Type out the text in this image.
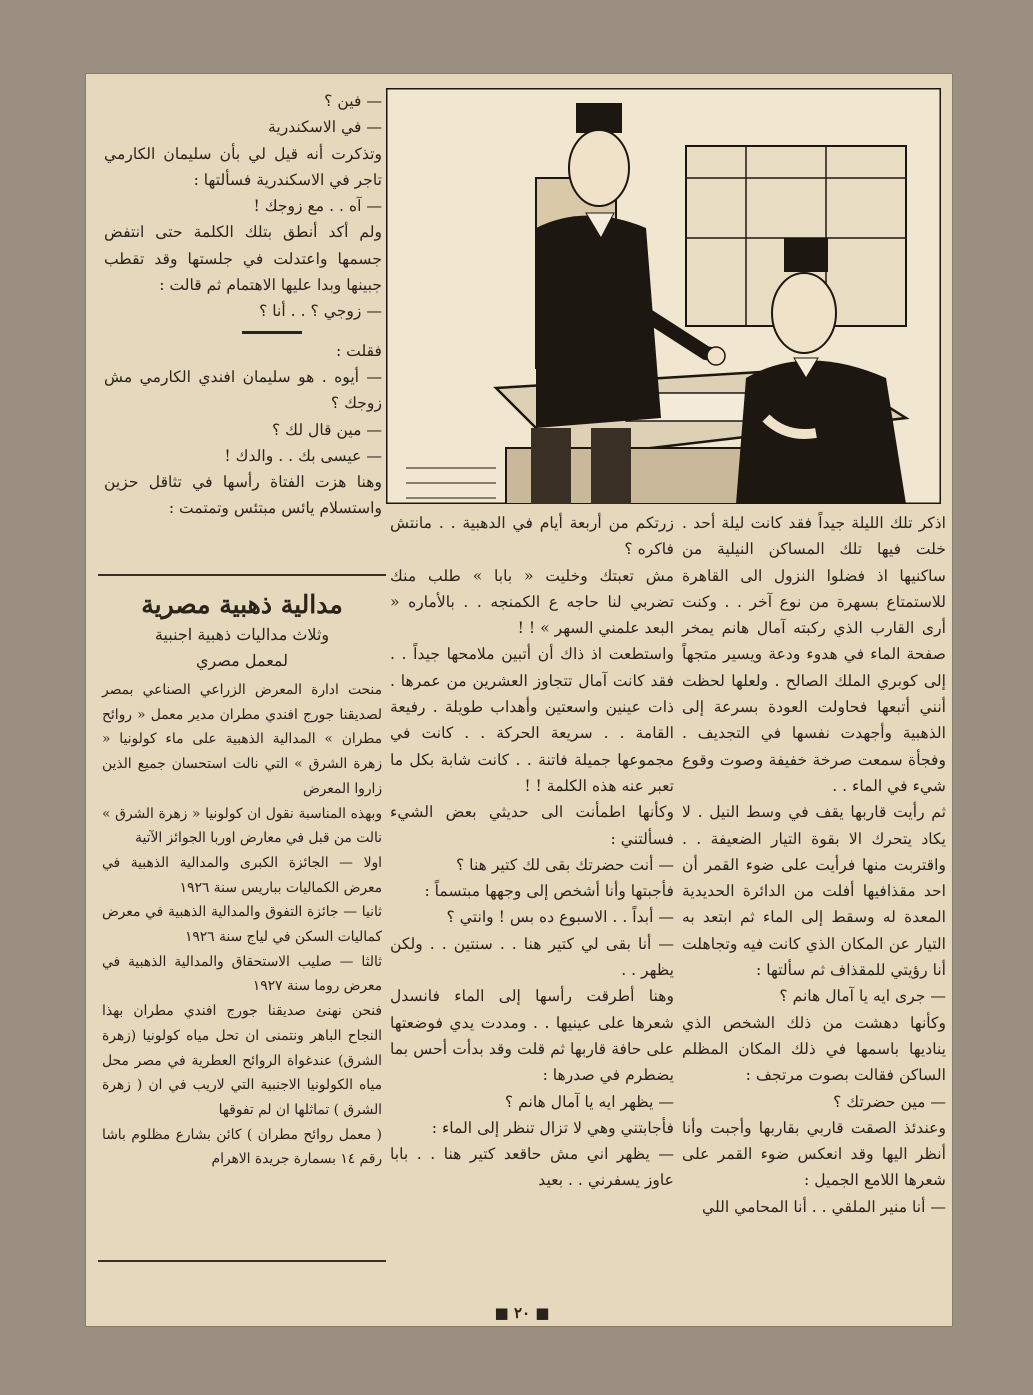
— فين ؟

— في الاسكندرية

وتذكرت أنه قيل لي بأن سليمان الكارمي تاجر في الاسكندرية فسألتها :

— آه . . مع زوجك !

ولم أكد أنطق بتلك الكلمة حتى انتفض جسمها واعتدلت في جلستها وقد تقطب جبينها وبدا عليها الاهتمام ثم قالت :

— زوجي ؟ . . أنا ؟

فقلت :

— أيوه . هو سليمان افندي الكارمي مش زوجك ؟

— مين قال لك ؟

— عيسى بك . . والدك !

وهنا هزت الفتاة رأسها في تثاقل حزين واستسلام يائس مبتئس وتمتمت :

مدالية ذهبية مصرية
وثلاث مداليات ذهبية اجنبية
لمعمل مصري

منحت ادارة المعرض الزراعي الصناعي بمصر لصديقنا جورج افندي مطران مدير معمل « روائح مطران » المدالية الذهبية على ماء كولونيا « زهرة الشرق » التي نالت استحسان جميع الذين زاروا المعرض

وبهذه المناسبة نقول ان كولونيا « زهرة الشرق » نالت من قبل في معارض اوربا الجوائز الآتية

اولا — الجائزة الكبرى والمدالية الذهبية في معرض الكماليات بباريس سنة ١٩٢٦

ثانيا — جائزة التفوق والمدالية الذهبية في معرض كماليات السكن في لياج سنة ١٩٢٦

ثالثا — صليب الاستحقاق والمدالية الذهبية في معرض روما سنة ١٩٢٧

فنحن نهنئ صديقنا جورج افندي مطران بهذا النجاح الباهر ونتمنى ان تحل مياه كولونيا (زهرة الشرق) عندغواة الروائح العطرية في مصر محل مياه الكولونيا الاجنبية التي لاريب في ان ( زهرة الشرق ) تماثلها ان لم تفوقها

( معمل روائح مطران ) كائن بشارع مظلوم باشا رقم ١٤ بسمارة جريدة الاهرام

زرتكم من أربعة أيام في الدهبية . . مانتش فاكره ؟

مش تعبتك وخليت « بابا » طلب منك تضربي لنا حاجه ع الكمنجه . . بالأماره « البعد علمني السهر » ! !

واستطعت اذ ذاك أن أتبين ملامحها جيداً . . فقد كانت آمال تتجاوز العشرين من عمرها . ذات عينين واسعتين وأهداب طويلة . رفيعة القامة . . سريعة الحركة . . كانت في مجموعها جميلة فاتنة . . كانت شابة بكل ما تعبر عنه هذه الكلمة ! !

وكأنها اطمأنت الى حديثي بعض الشيء فسألتني :

— أنت حضرتك بقى لك كتير هنا ؟

فأجبتها وأنا أشخص إلى وجهها مبتسماً :

— أبداً . . الاسبوع ده بس ! وانتي ؟

— أنا بقى لي كتير هنا . . سنتين . . ولكن يظهر . .

وهنا أطرقت رأسها إلى الماء فانسدل شعرها على عينيها . . ومددت يدي فوضعتها على حافة قاربها ثم قلت وقد بدأت أحس بما يضطرم في صدرها :

— يظهر ايه يا آمال هانم ؟

فأجابتني وهي لا تزال تنظر إلى الماء :

— يظهر اني مش حاقعد كتير هنا . . بابا عاوز يسفرني . . بعيد

اذكر تلك الليلة جيداً فقد كانت ليلة أحد . خلت فيها تلك المساكن النيلية من ساكنيها اذ فضلوا النزول الى القاهرة للاستمتاع بسهرة من نوع آخر . . وكنت أرى القارب الذي ركبته آمال هانم يمخر صفحة الماء في هدوء ودعة ويسير متجهاً إلى كوبري الملك الصالح . ولعلها لحظت أنني أتبعها فحاولت العودة بسرعة إلى الذهبية وأجهدت نفسها في التجديف . وفجأة سمعت صرخة خفيفة وصوت وقوع شيء في الماء . .

ثم رأيت قاربها يقف في وسط النيل . لا يكاد يتحرك الا بقوة التيار الضعيفة . . واقتربت منها فرأيت على ضوء القمر أن احد مقذافيها أفلت من الدائرة الحديدية المعدة له وسقط إلى الماء ثم ابتعد به التيار عن المكان الذي كانت فيه وتجاهلت أنا رؤيتي للمقذاف ثم سألتها :

— جرى ايه يا آمال هانم ؟

وكأنها دهشت من ذلك الشخص الذي يناديها باسمها في ذلك المكان المظلم الساكن فقالت بصوت مرتجف :

— مين حضرتك ؟

وعندئذ الصقت قاربي بقاربها وأجبت وأنا أنظر اليها وقد انعكس ضوء القمر على شعرها اللامع الجميل :

— أنا منير الملقي . . أنا المحامي اللي

■ ٢٠ ■
